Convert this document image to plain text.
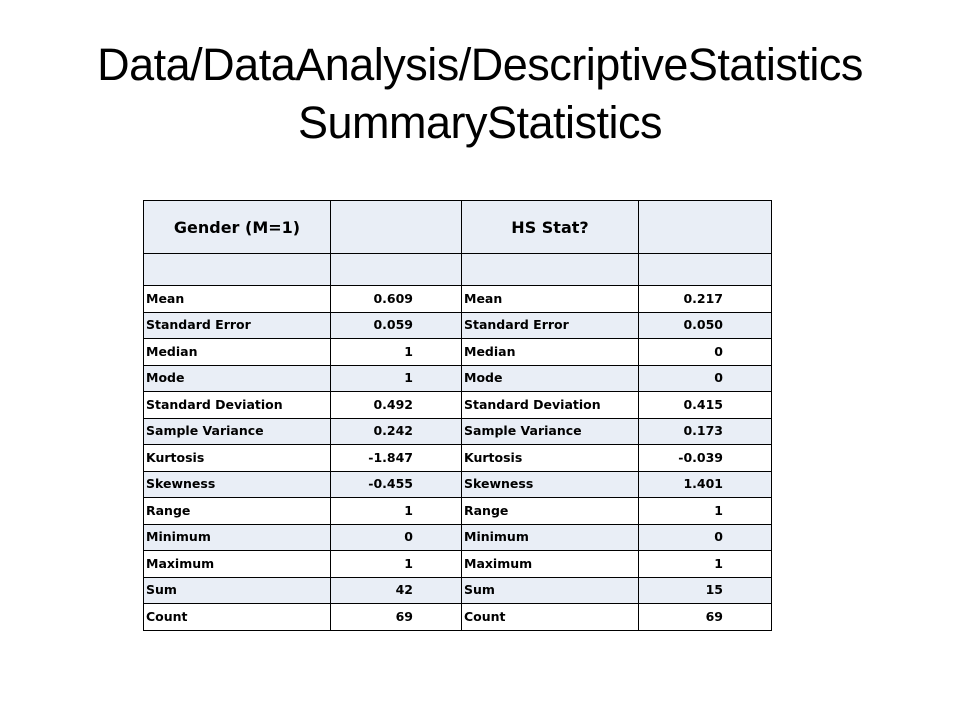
Data/DataAnalysis/DescriptiveStatistics
SummaryStatistics
Gender (M=1)		HS Stat?	

Mean	0.609	Mean	0.217
Standard Error	0.059	Standard Error	0.050
Median	1	Median	0
Mode	1	Mode	0
Standard Deviation	0.492	Standard Deviation	0.415
Sample Variance	0.242	Sample Variance	0.173
Kurtosis	-1.847	Kurtosis	-0.039
Skewness	-0.455	Skewness	1.401
Range	1	Range	1
Minimum	0	Minimum	0
Maximum	1	Maximum	1
Sum	42	Sum	15
Count	69	Count	69
